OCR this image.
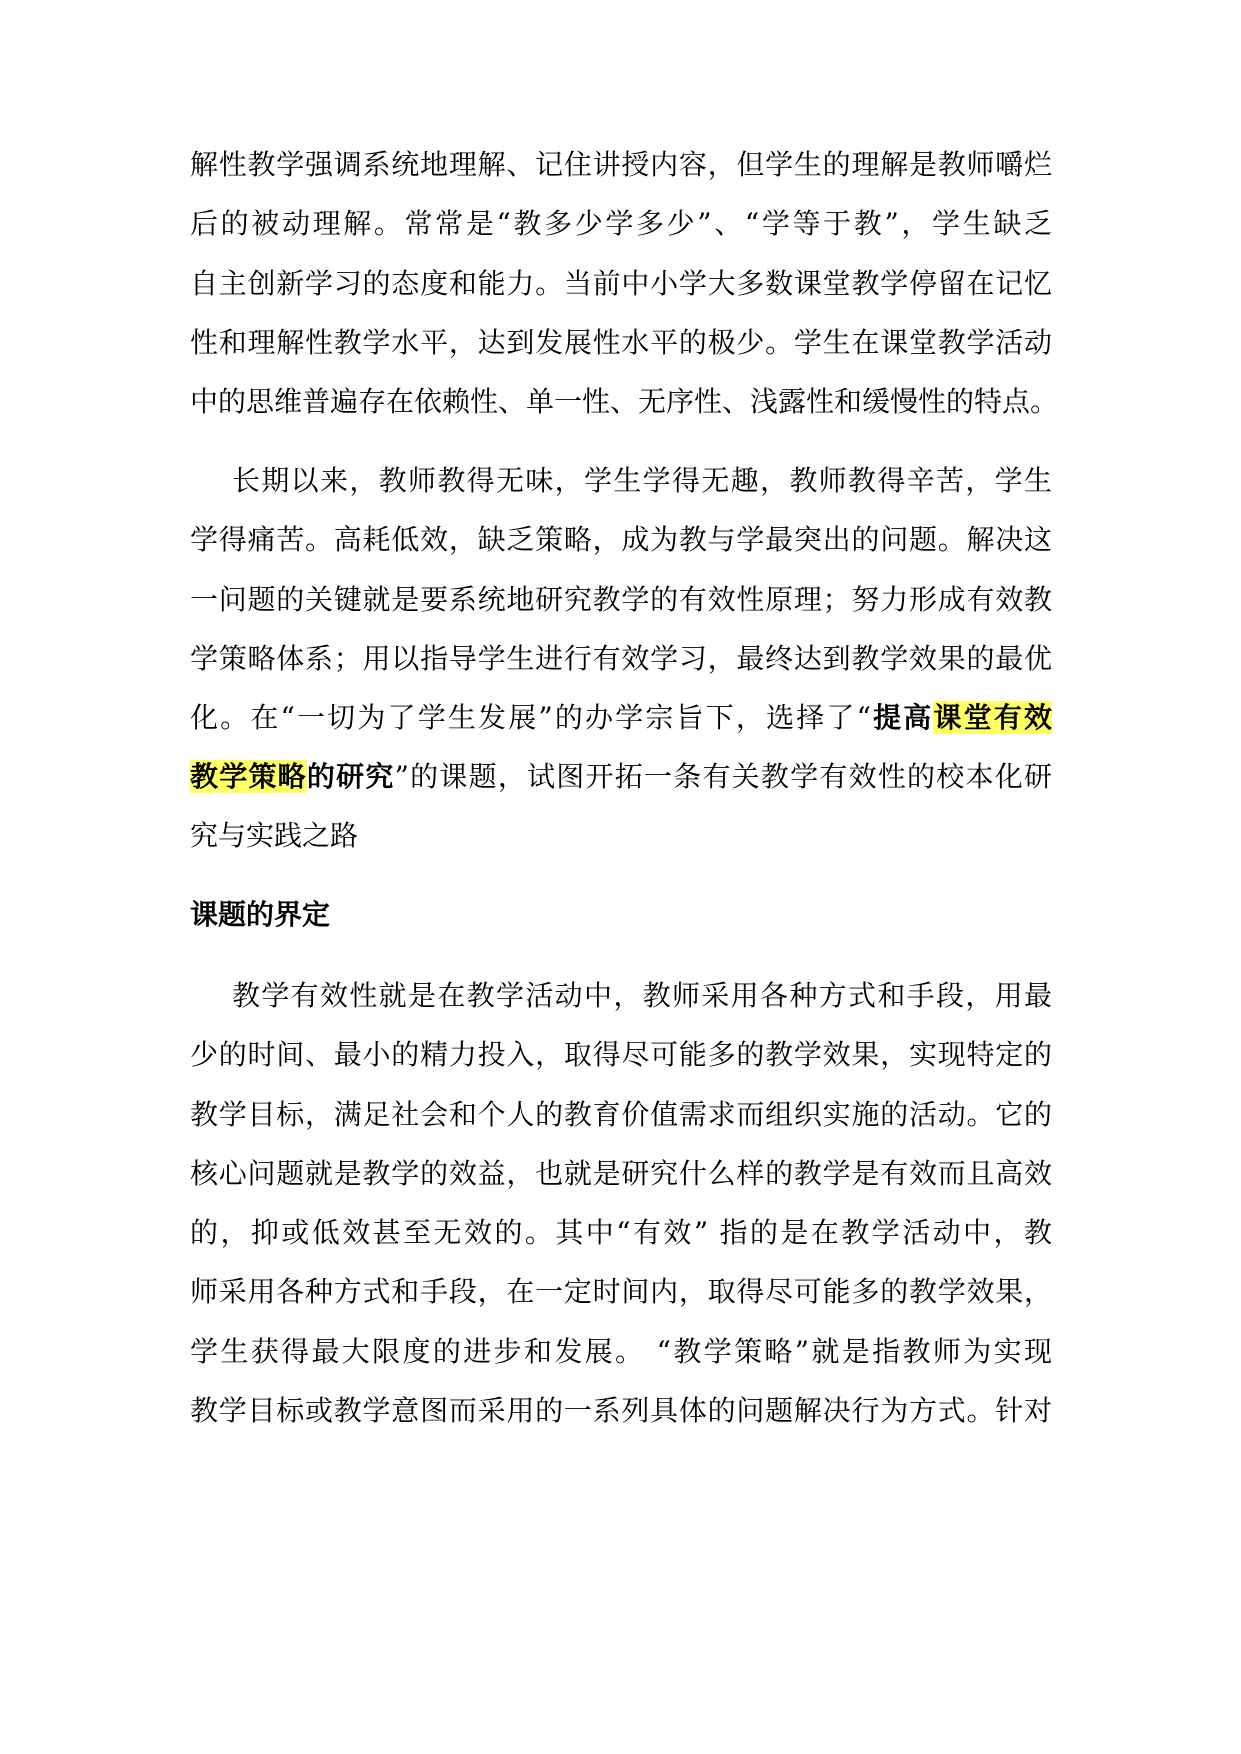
解性教学强调系统地理解、记住讲授内容，但学生的理解是教师嚼烂
后的被动理解。常常是“教多少学多少”、“学等于教”，学生缺乏
自主创新学习的态度和能力。当前中小学大多数课堂教学停留在记忆
性和理解性教学水平，达到发展性水平的极少。学生在课堂教学活动
中的思维普遍存在依赖性、单一性、无序性、浅露性和缓慢性的特点。
长期以来，教师教得无味，学生学得无趣，教师教得辛苦，学生
学得痛苦。高耗低效，缺乏策略，成为教与学最突出的问题。解决这
一问题的关键就是要系统地研究教学的有效性原理；努力形成有效教
学策略体系；用以指导学生进行有效学习，最终达到教学效果的最优
化。在“一切为了学生发展”的办学宗旨下，选择了“提高课堂有效
教学策略的研究”的课题，试图开拓一条有关教学有效性的校本化研
究与实践之路
课题的界定
教学有效性就是在教学活动中，教师采用各种方式和手段，用最
少的时间、最小的精力投入，取得尽可能多的教学效果，实现特定的
教学目标，满足社会和个人的教育价值需求而组织实施的活动。它的
核心问题就是教学的效益，也就是研究什么样的教学是有效而且高效
的，抑或低效甚至无效的。其中“有效” 指的是在教学活动中，教
师采用各种方式和手段，在一定时间内，取得尽可能多的教学效果，
学生获得最大限度的进步和发展。 “教学策略”就是指教师为实现
教学目标或教学意图而采用的一系列具体的问题解决行为方式。针对
